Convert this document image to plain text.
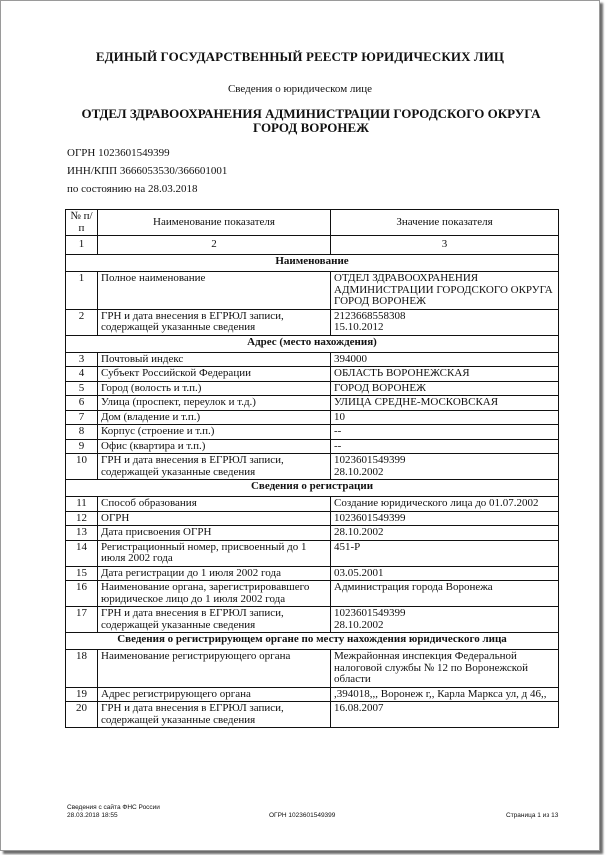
ЕДИНЫЙ ГОСУДАРСТВЕННЫЙ РЕЕСТР ЮРИДИЧЕСКИХ ЛИЦ
Сведения о юридическом лице
ОТДЕЛ ЗДРАВООХРАНЕНИЯ АДМИНИСТРАЦИИ ГОРОДСКОГО ОКРУГА ГОРОД ВОРОНЕЖ
ОГРН 1023601549399
ИНН/КПП 3666053530/366601001
по состоянию на 28.03.2018
№ п/п	Наименование показателя	Значение показателя
1	2	3
Наименование		
1	Полное наименование	ОТДЕЛ ЗДРАВООХРАНЕНИЯ АДМИНИСТРАЦИИ ГОРОДСКОГО ОКРУГА ГОРОД ВОРОНЕЖ
2	ГРН и дата внесения в ЕГРЮЛ записи, содержащей указанные сведения	2123668558308
15.10.2012
Адрес (место нахождения)		
3	Почтовый индекс	394000
4	Субъект Российской Федерации	ОБЛАСТЬ ВОРОНЕЖСКАЯ
5	Город (волость и т.п.)	ГОРОД ВОРОНЕЖ
6	Улица (проспект, переулок и т.д.)	УЛИЦА СРЕДНЕ-МОСКОВСКАЯ
7	Дом (владение и т.п.)	10
8	Корпус (строение и т.п.)	--
9	Офис (квартира и т.п.)	--
10	ГРН и дата внесения в ЕГРЮЛ записи, содержащей указанные сведения	1023601549399
28.10.2002
Сведения о регистрации		
11	Способ образования	Создание юридического лица до 01.07.2002
12	ОГРН	1023601549399
13	Дата присвоения ОГРН	28.10.2002
14	Регистрационный номер, присвоенный до 1 июля 2002 года	451-Р
15	Дата регистрации до 1 июля 2002 года	03.05.2001
16	Наименование органа, зарегистрировавшего юридическое лицо до 1 июля 2002 года	Администрация города Воронежа
17	ГРН и дата внесения в ЕГРЮЛ записи, содержащей указанные сведения	1023601549399
28.10.2002
Сведения о регистрирующем органе по месту нахождения юридического лица		
18	Наименование регистрирующего органа	Межрайонная инспекция Федеральной налоговой службы № 12 по Воронежской области
19	Адрес регистрирующего органа	,394018,,, Воронеж г,, Карла Маркса ул, д 46,,
20	ГРН и дата внесения в ЕГРЮЛ записи, содержащей указанные сведения	16.08.2007
Сведения с сайта ФНС России
28.03.2018 18:55	ОГРН 1023601549399	Страница 1 из 13
